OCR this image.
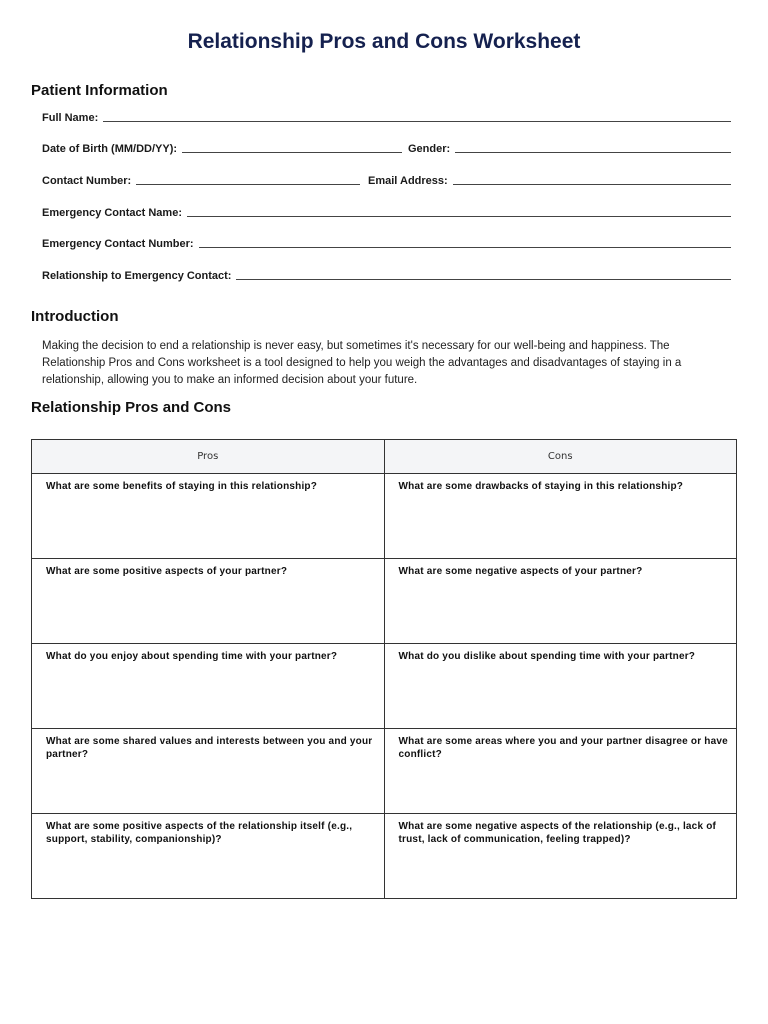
Relationship Pros and Cons Worksheet
Patient Information
Full Name:
Date of Birth (MM/DD/YY):	Gender:
Contact Number:	Email Address:
Emergency Contact Name:
Emergency Contact Number:
Relationship to Emergency Contact:
Introduction
Making the decision to end a relationship is never easy, but sometimes it's necessary for our well-being and happiness. The Relationship Pros and Cons worksheet is a tool designed to help you weigh the advantages and disadvantages of staying in a relationship, allowing you to make an informed decision about your future.
Relationship Pros and Cons
Pros	Cons
What are some benefits of staying in this relationship?	What are some drawbacks of staying in this relationship?
What are some positive aspects of your partner?	What are some negative aspects of your partner?
What do you enjoy about spending time with your partner?	What do you dislike about spending time with your partner?
What are some shared values and interests between you and your partner?	What are some areas where you and your partner disagree or have conflict?
What are some positive aspects of the relationship itself (e.g., support, stability, companionship)?	What are some negative aspects of the relationship (e.g., lack of trust, lack of communication, feeling trapped)?
